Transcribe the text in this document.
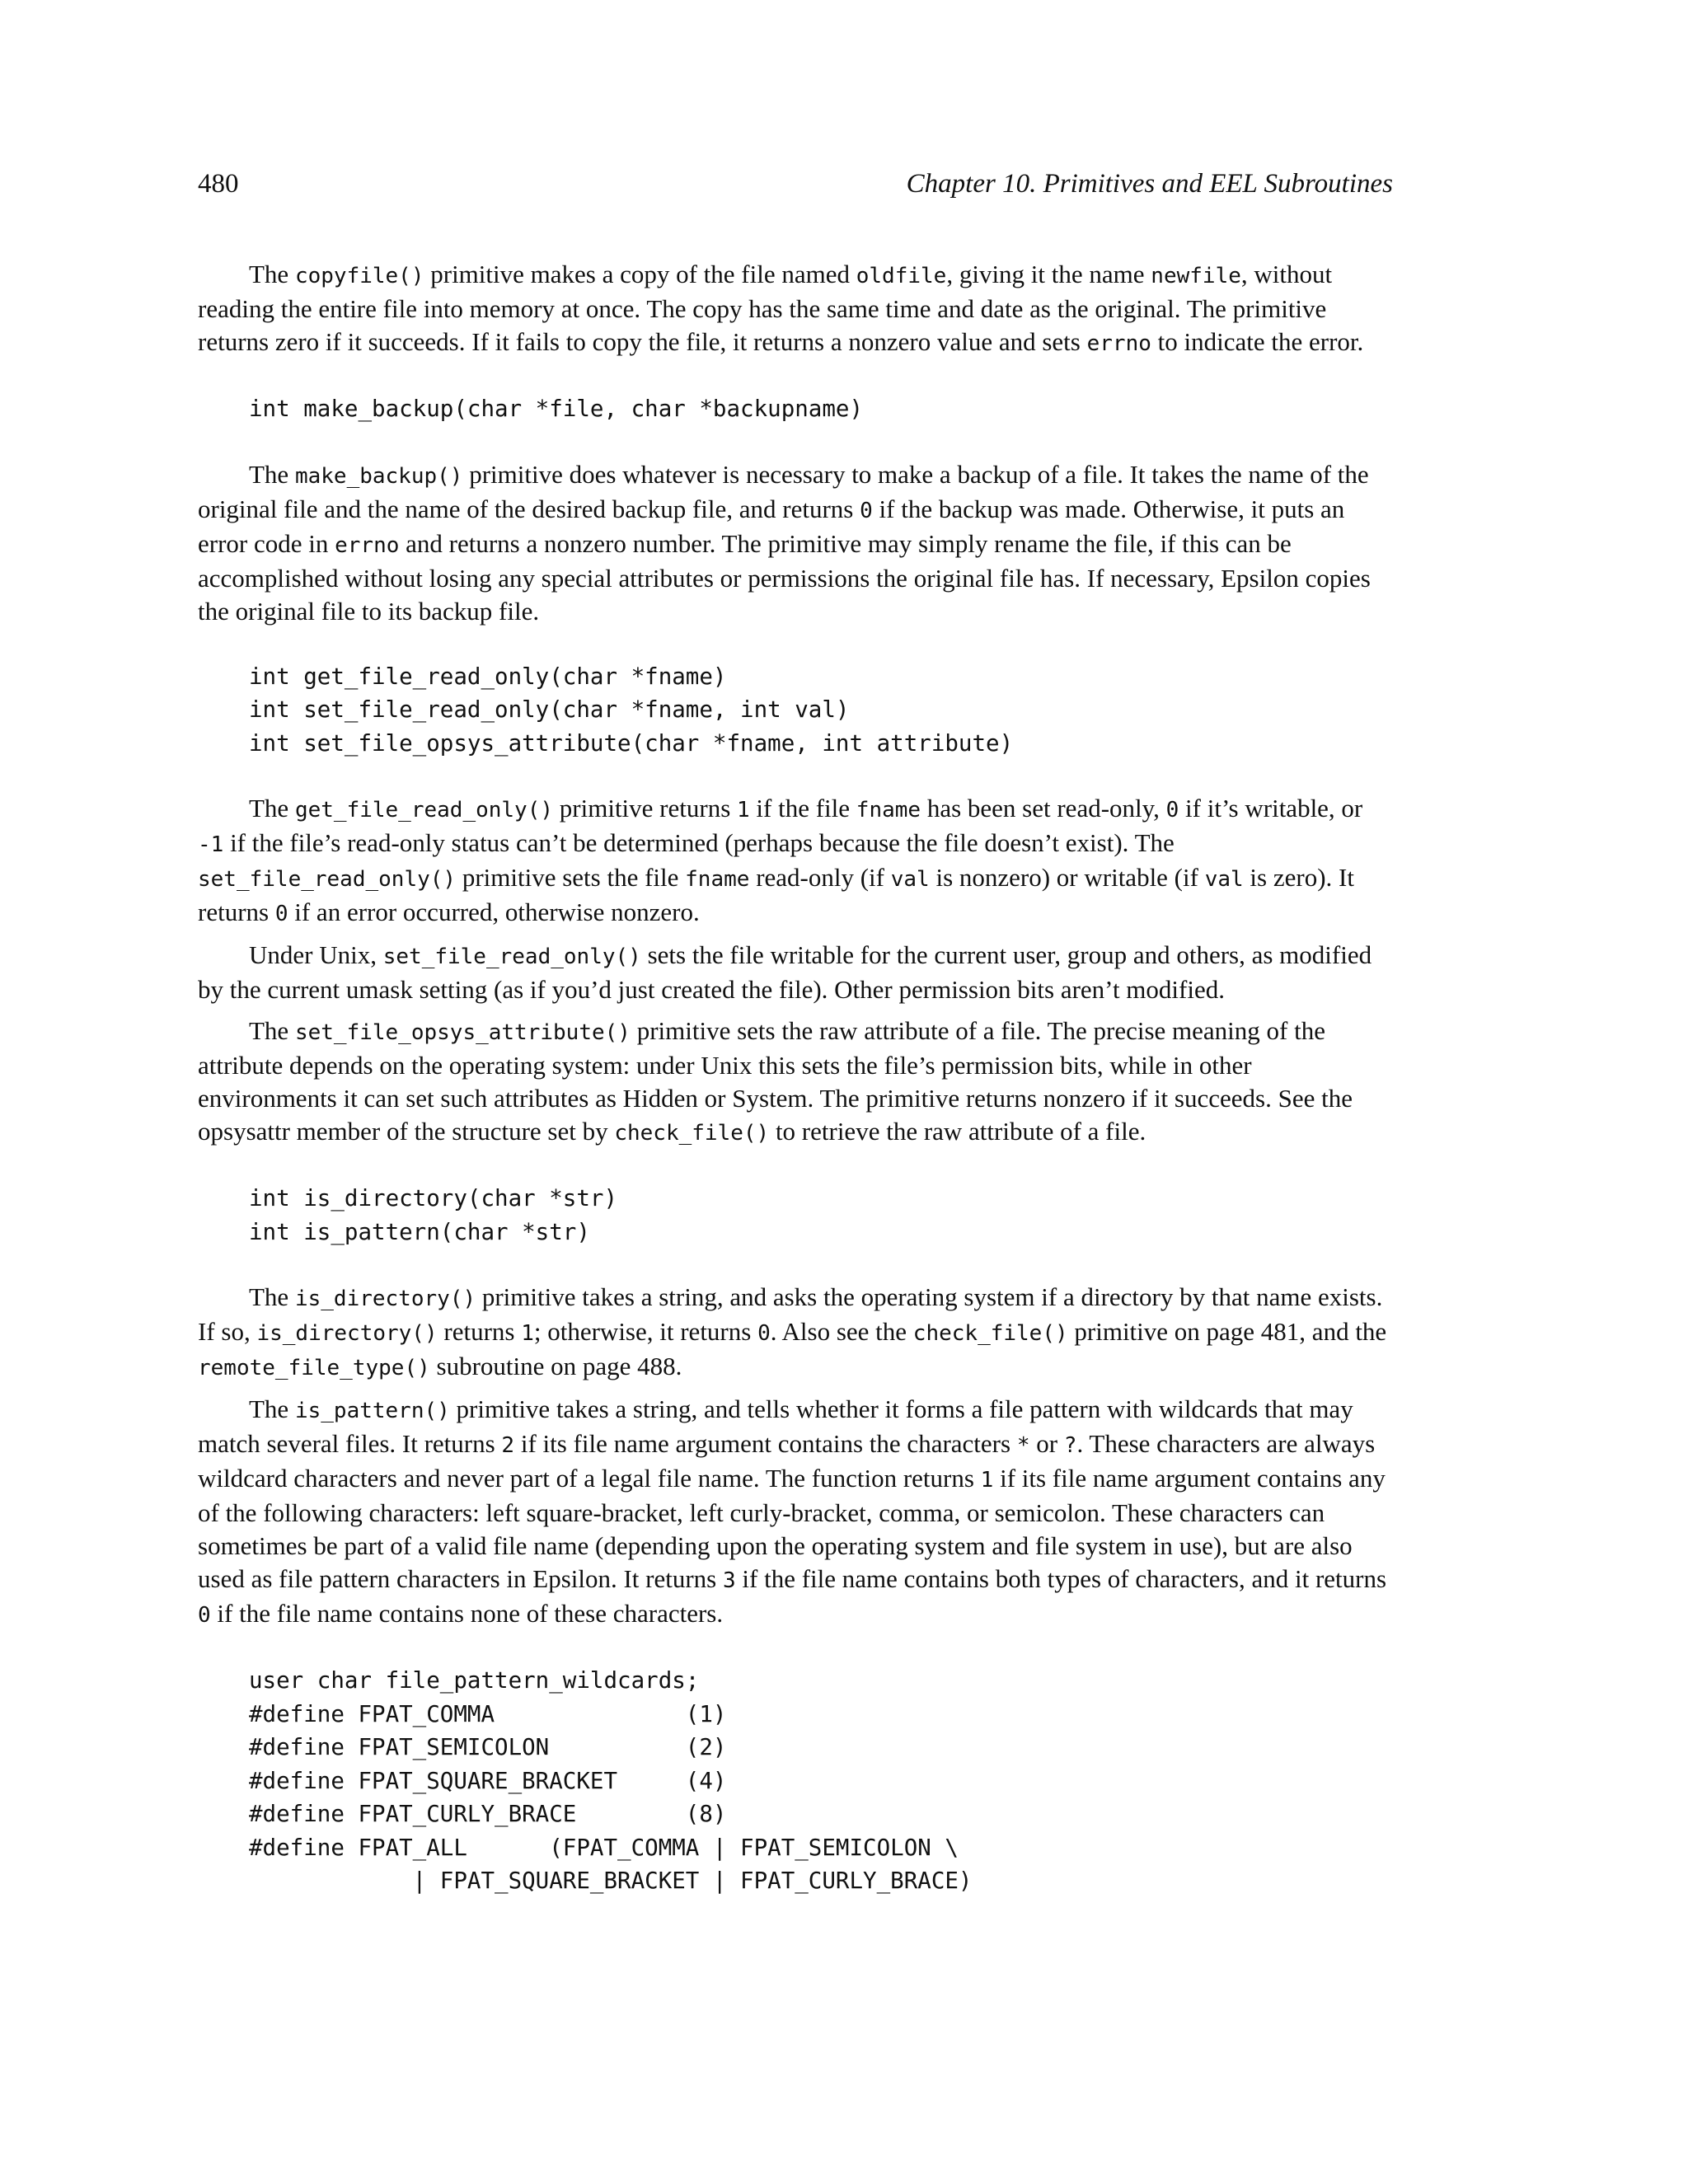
480	Chapter 10. Primitives and EEL Subroutines

The copyfile() primitive makes a copy of the file named oldfile, giving it the name newfile, without reading the entire file into memory at once. The copy has the same time and date as the original. The primitive returns zero if it succeeds. If it fails to copy the file, it returns a nonzero value and sets errno to indicate the error.

int make_backup(char *file, char *backupname)

The make_backup() primitive does whatever is necessary to make a backup of a file. It takes the name of the original file and the name of the desired backup file, and returns 0 if the backup was made. Otherwise, it puts an error code in errno and returns a nonzero number. The primitive may simply rename the file, if this can be accomplished without losing any special attributes or permissions the original file has. If necessary, Epsilon copies the original file to its backup file.

int get_file_read_only(char *fname)
int set_file_read_only(char *fname, int val)
int set_file_opsys_attribute(char *fname, int attribute)

The get_file_read_only() primitive returns 1 if the file fname has been set read-only, 0 if it’s writable, or -1 if the file’s read-only status can’t be determined (perhaps because the file doesn’t exist). The set_file_read_only() primitive sets the file fname read-only (if val is nonzero) or writable (if val is zero). It returns 0 if an error occurred, otherwise nonzero.

Under Unix, set_file_read_only() sets the file writable for the current user, group and others, as modified by the current umask setting (as if you’d just created the file). Other permission bits aren’t modified.

The set_file_opsys_attribute() primitive sets the raw attribute of a file. The precise meaning of the attribute depends on the operating system: under Unix this sets the file’s permission bits, while in other environments it can set such attributes as Hidden or System. The primitive returns nonzero if it succeeds. See the opsysattr member of the structure set by check_file() to retrieve the raw attribute of a file.

int is_directory(char *str)
int is_pattern(char *str)

The is_directory() primitive takes a string, and asks the operating system if a directory by that name exists. If so, is_directory() returns 1; otherwise, it returns 0. Also see the check_file() primitive on page 481, and the remote_file_type() subroutine on page 488.

The is_pattern() primitive takes a string, and tells whether it forms a file pattern with wildcards that may match several files. It returns 2 if its file name argument contains the characters * or ?. These characters are always wildcard characters and never part of a legal file name. The function returns 1 if its file name argument contains any of the following characters: left square-bracket, left curly-bracket, comma, or semicolon. These characters can sometimes be part of a valid file name (depending upon the operating system and file system in use), but are also used as file pattern characters in Epsilon. It returns 3 if the file name contains both types of characters, and it returns 0 if the file name contains none of these characters.

user char file_pattern_wildcards;
#define FPAT_COMMA              (1)
#define FPAT_SEMICOLON          (2)
#define FPAT_SQUARE_BRACKET     (4)
#define FPAT_CURLY_BRACE        (8)
#define FPAT_ALL      (FPAT_COMMA | FPAT_SEMICOLON \
| FPAT_SQUARE_BRACKET | FPAT_CURLY_BRACE)
